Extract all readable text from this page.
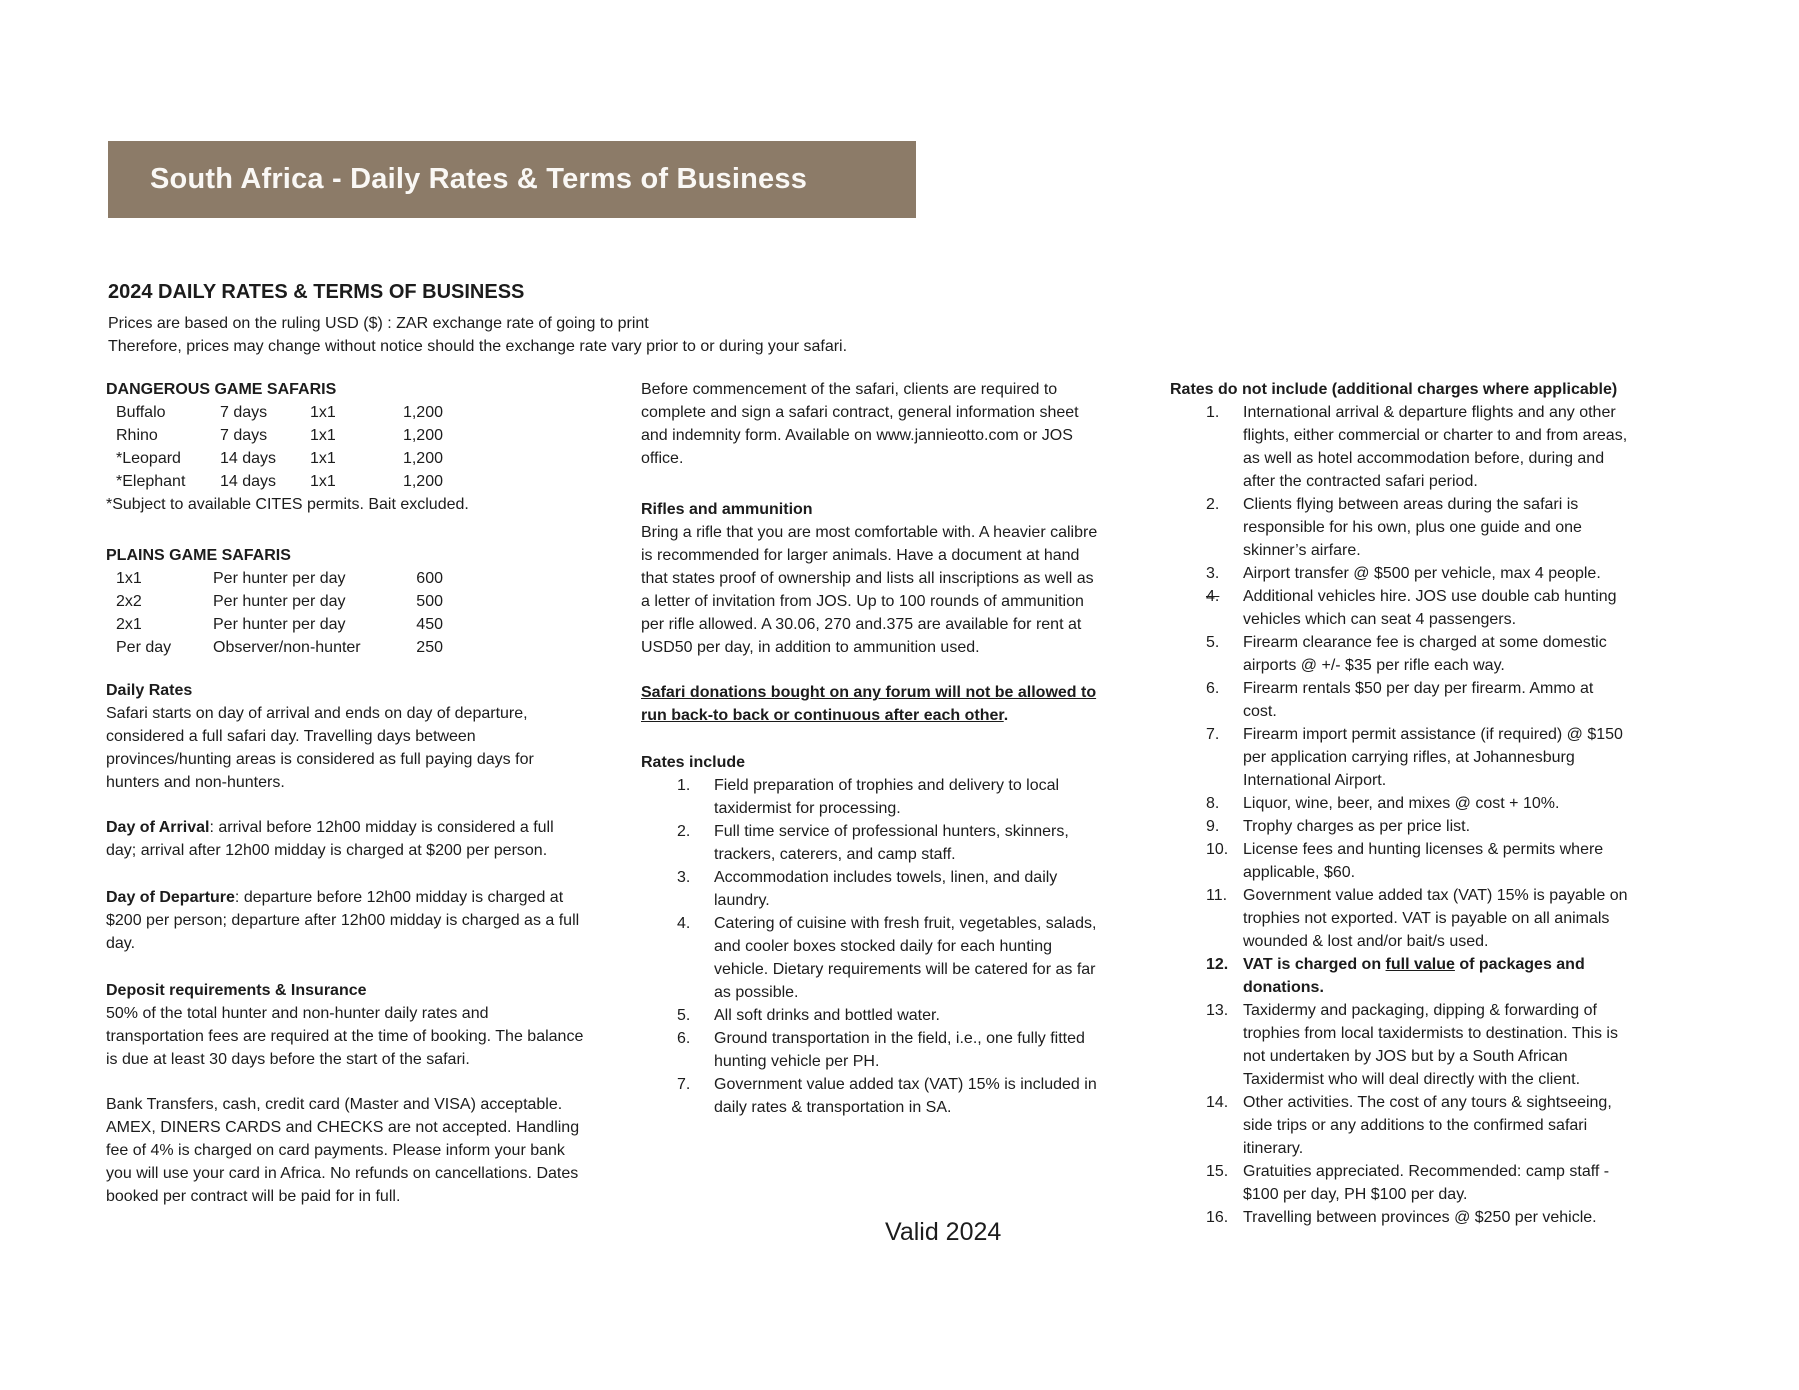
South Africa - Daily Rates & Terms of Business
2024 DAILY RATES & TERMS OF BUSINESS

Prices are based on the ruling USD ($) : ZAR exchange rate of going to print

Therefore, prices may change without notice should the exchange rate vary prior to or during your safari.

DANGEROUS GAME SAFARIS
Buffalo	7 days	1x1	1,200
Rhino	7 days	1x1	1,200
*Leopard	14 days	1x1	1,200
*Elephant	14 days	1x1	1,200

*Subject to available CITES permits. Bait excluded.

PLAINS GAME SAFARIS
1x1	Per hunter per day	600
2x2	Per hunter per day	500
2x1	Per hunter per day	450
Per day	Observer/non-hunter	250
Daily Rates

Safari starts on day of arrival and ends on day of departure, considered a full safari day. Travelling days between provinces/hunting areas is considered as full paying days for hunters and non-hunters.

Day of Arrival: arrival before 12h00 midday is considered a full day; arrival after 12h00 midday is charged at $200 per person.

Day of Departure: departure before 12h00 midday is charged at $200 per person; departure after 12h00 midday is charged as a full day.

Deposit requirements & Insurance

50% of the total hunter and non-hunter daily rates and transportation fees are required at the time of booking. The balance is due at least 30 days before the start of the safari.

Bank Transfers, cash, credit card (Master and VISA) acceptable. AMEX, DINERS CARDS and CHECKS are not accepted. Handling fee of 4% is charged on card payments. Please inform your bank you will use your card in Africa. No refunds on cancellations. Dates booked per contract will be paid for in full.

Before commencement of the safari, clients are required to complete and sign a safari contract, general information sheet and indemnity form. Available on www.jannieotto.com or JOS office.

Rifles and ammunition

Bring a rifle that you are most comfortable with. A heavier calibre is recommended for larger animals. Have a document at hand that states proof of ownership and lists all inscriptions as well as a letter of invitation from JOS. Up to 100 rounds of ammunition per rifle allowed. A 30.06, 270 and.375 are available for rent at USD50 per day, in addition to ammunition used.

Safari donations bought on any forum will not be allowed to run back-to back or continuous after each other.

Rates include
1.	Field preparation of trophies and delivery to local taxidermist for processing.
2.	Full time service of professional hunters, skinners, trackers, caterers, and camp staff.
3.	Accommodation includes towels, linen, and daily laundry.
4.	Catering of cuisine with fresh fruit, vegetables, salads, and cooler boxes stocked daily for each hunting vehicle. Dietary requirements will be catered for as far as possible.
5.	All soft drinks and bottled water.
6.	Ground transportation in the field, i.e., one fully fitted hunting vehicle per PH.
7.	Government value added tax (VAT) 15% is included in daily rates & transportation in SA.
Rates do not include (additional charges where applicable)
1.	International arrival & departure flights and any other flights, either commercial or charter to and from areas, as well as hotel accommodation before, during and after the contracted safari period.
2.	Clients flying between areas during the safari is responsible for his own, plus one guide and one skinner’s airfare.
3.	Airport transfer @ $500 per vehicle, max 4 people.
4.	Additional vehicles hire. JOS use double cab hunting vehicles which can seat 4 passengers.
5.	Firearm clearance fee is charged at some domestic airports @ +/- $35 per rifle each way.
6.	Firearm rentals $50 per day per firearm. Ammo at cost.
7.	Firearm import permit assistance (if required) @ $150 per application carrying rifles, at Johannesburg International Airport.
8.	Liquor, wine, beer, and mixes @ cost + 10%.
9.	Trophy charges as per price list.
10. License fees and hunting licenses & permits where applicable, $60.
11. Government value added tax (VAT) 15% is payable on trophies not exported. VAT is payable on all animals wounded & lost and/or bait/s used.
12. VAT is charged on full value of packages and donations.
13. Taxidermy and packaging, dipping & forwarding of trophies from local taxidermists to destination. This is not undertaken by JOS but by a South African Taxidermist who will deal directly with the client.
14. Other activities. The cost of any tours & sightseeing, side trips or any additions to the confirmed safari itinerary.
15. Gratuities appreciated. Recommended: camp staff - $100 per day, PH $100 per day.
16. Travelling between provinces @ $250 per vehicle.
Valid 2024
